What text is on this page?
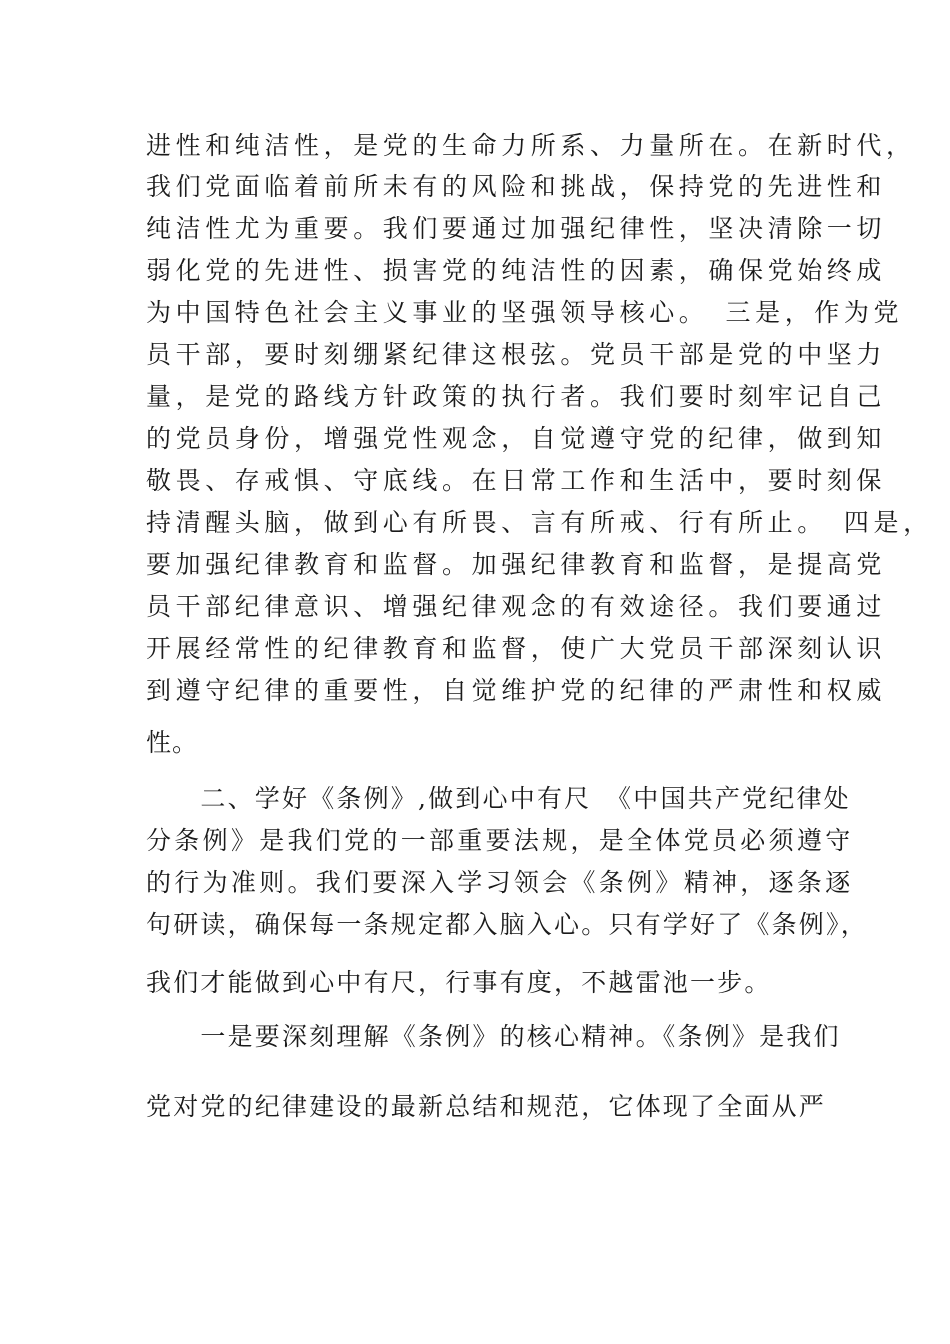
进性和纯洁性，是党的生命力所系、力量所在。在新时代，
我们党面临着前所未有的风险和挑战，保持党的先进性和
纯洁性尤为重要。我们要通过加强纪律性，坚决清除一切
弱化党的先进性、损害党的纯洁性的因素，确保党始终成
为中国特色社会主义事业的坚强领导核心。　三是，作为党
员干部，要时刻绷紧纪律这根弦。党员干部是党的中坚力
量，是党的路线方针政策的执行者。我们要时刻牢记自己
的党员身份，增强党性观念，自觉遵守党的纪律，做到知
敬畏、存戒惧、守底线。在日常工作和生活中，要时刻保
持清醒头脑，做到心有所畏、言有所戒、行有所止。　四是，
要加强纪律教育和监督。加强纪律教育和监督，是提高党
员干部纪律意识、增强纪律观念的有效途径。我们要通过
开展经常性的纪律教育和监督，使广大党员干部深刻认识
到遵守纪律的重要性，自觉维护党的纪律的严肃性和权威
性。
　　二、学好《条例》,做到心中有尺　《中国共产党纪律处
分条例》是我们党的一部重要法规，是全体党员必须遵守
的行为准则。我们要深入学习领会《条例》精神，逐条逐
句研读，确保每一条规定都入脑入心。只有学好了《条例》，
我们才能做到心中有尺，行事有度，不越雷池一步。
　　一是要深刻理解《条例》的核心精神。《条例》是我们
党对党的纪律建设的最新总结和规范，它体现了全面从严
